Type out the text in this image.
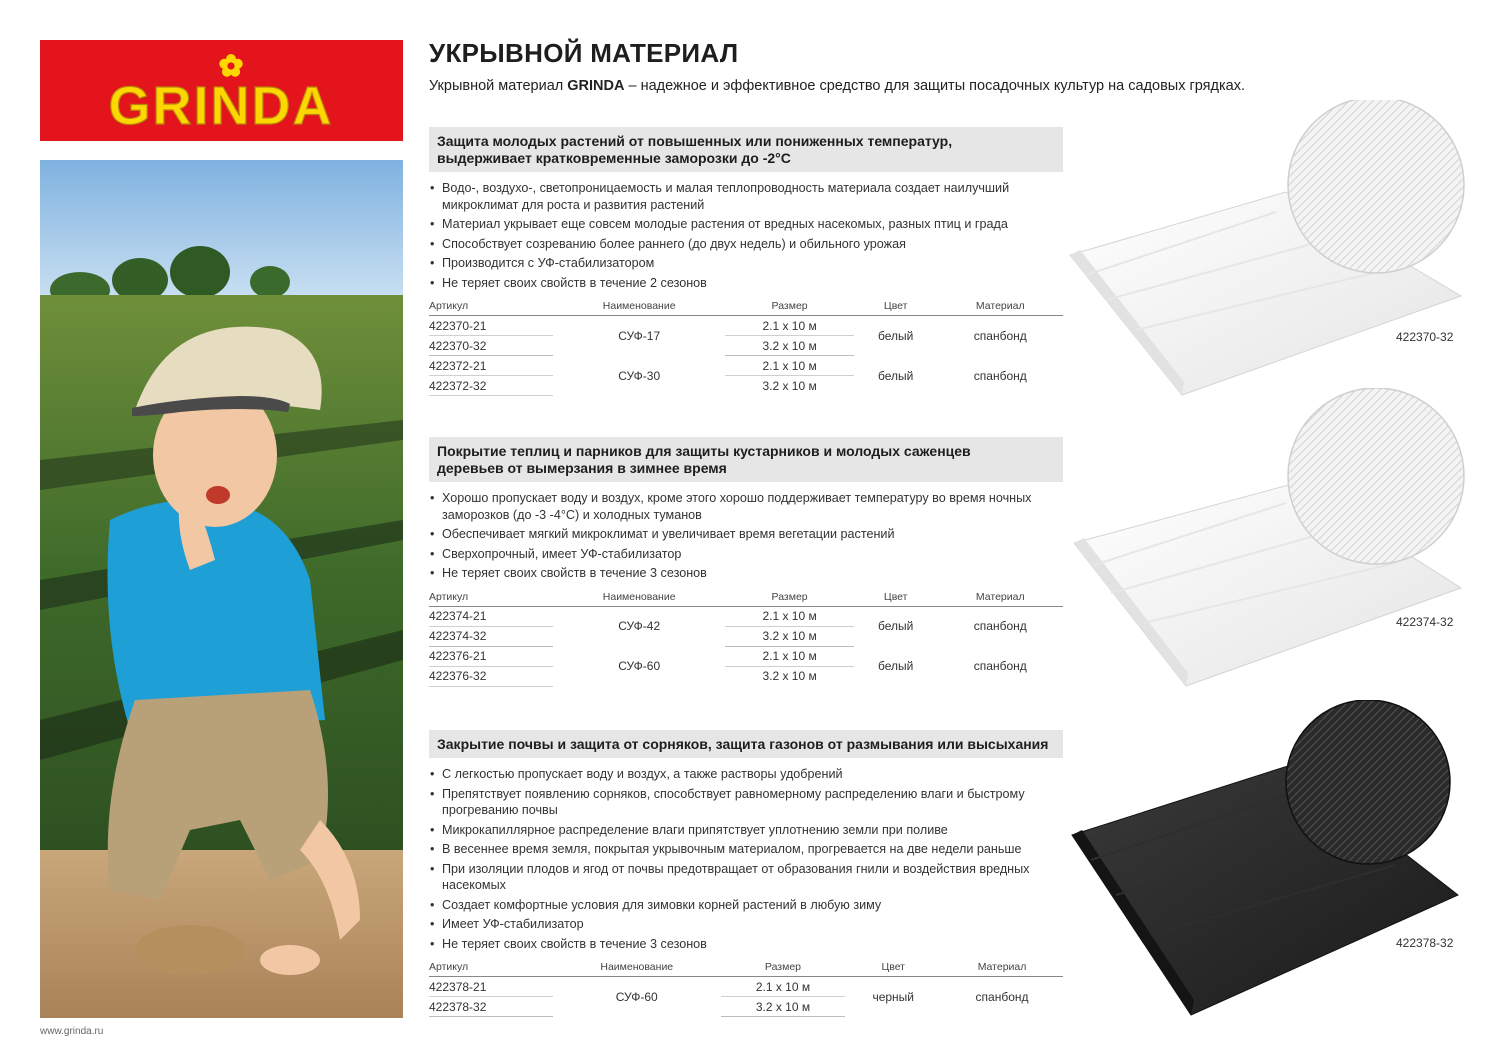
GRINDA
www.grinda.ru
УКРЫВНОЙ МАТЕРИАЛ
Укрывной материал GRINDA – надежное и эффективное средство для защиты посадочных культур на садовых грядках.
Защита молодых растений от повышенных или пониженных температур,
выдерживает кратковременные заморозки до -2°С
• Водо-, воздухо-, светопроницаемость и малая теплопроводность материала создает наилучший
микроклимат для роста и развития растений
• Материал укрывает еще совсем молодые растения от вредных насекомых, разных птиц и града
• Способствует созреванию более раннего (до двух недель) и обильного урожая
• Производится с УФ-стабилизатором
• Не теряет своих свойств в течение 2 сезонов
Артикул	Наименование	Размер	Цвет	Материал
422370-21	СУФ-17	2.1 х 10 м	белый	спанбонд
422370-32		3.2 х 10 м		
422372-21	СУФ-30	2.1 х 10 м	белый	спанбонд
422372-32		3.2 х 10 м		
Покрытие теплиц и парников для защиты кустарников и молодых саженцев
деревьев от вымерзания в зимнее время
• Хорошо пропускает воду и воздух, кроме этого хорошо поддерживает температуру во время ночных
заморозков (до -3 -4°С) и холодных туманов
• Обеспечивает мягкий микроклимат и увеличивает время вегетации растений
• Сверхопрочный, имеет УФ-стабилизатор
• Не теряет своих свойств в течение 3 сезонов
Артикул	Наименование	Размер	Цвет	Материал
422374-21	СУФ-42	2.1 х 10 м	белый	спанбонд
422374-32		3.2 х 10 м		
422376-21	СУФ-60	2.1 х 10 м	белый	спанбонд
422376-32		3.2 х 10 м		
Закрытие почвы и защита от сорняков, защита газонов от размывания или высыхания
• С легкостью пропускает воду и воздух, а также растворы удобрений
• Препятствует появлению сорняков, способствует равномерному распределению влаги и быстрому
прогреванию почвы
• Микрокапиллярное распределение влаги припятствует уплотнению земли при поливе
• В весеннее время земля, покрытая укрывочным материалом, прогревается на две недели раньше
• При изоляции плодов и ягод от почвы предотвращает от образования гнили и воздействия вредных
насекомых
• Создает комфортные условия для зимовки корней растений в любую зиму
• Имеет УФ-стабилизатор
• Не теряет своих свойств в течение 3 сезонов
Артикул	Наименование	Размер	Цвет	Материал
422378-21	СУФ-60	2.1 х 10 м	черный	спанбонд
422378-32		3.2 х 10 м		
422370-32
422374-32
422378-32
